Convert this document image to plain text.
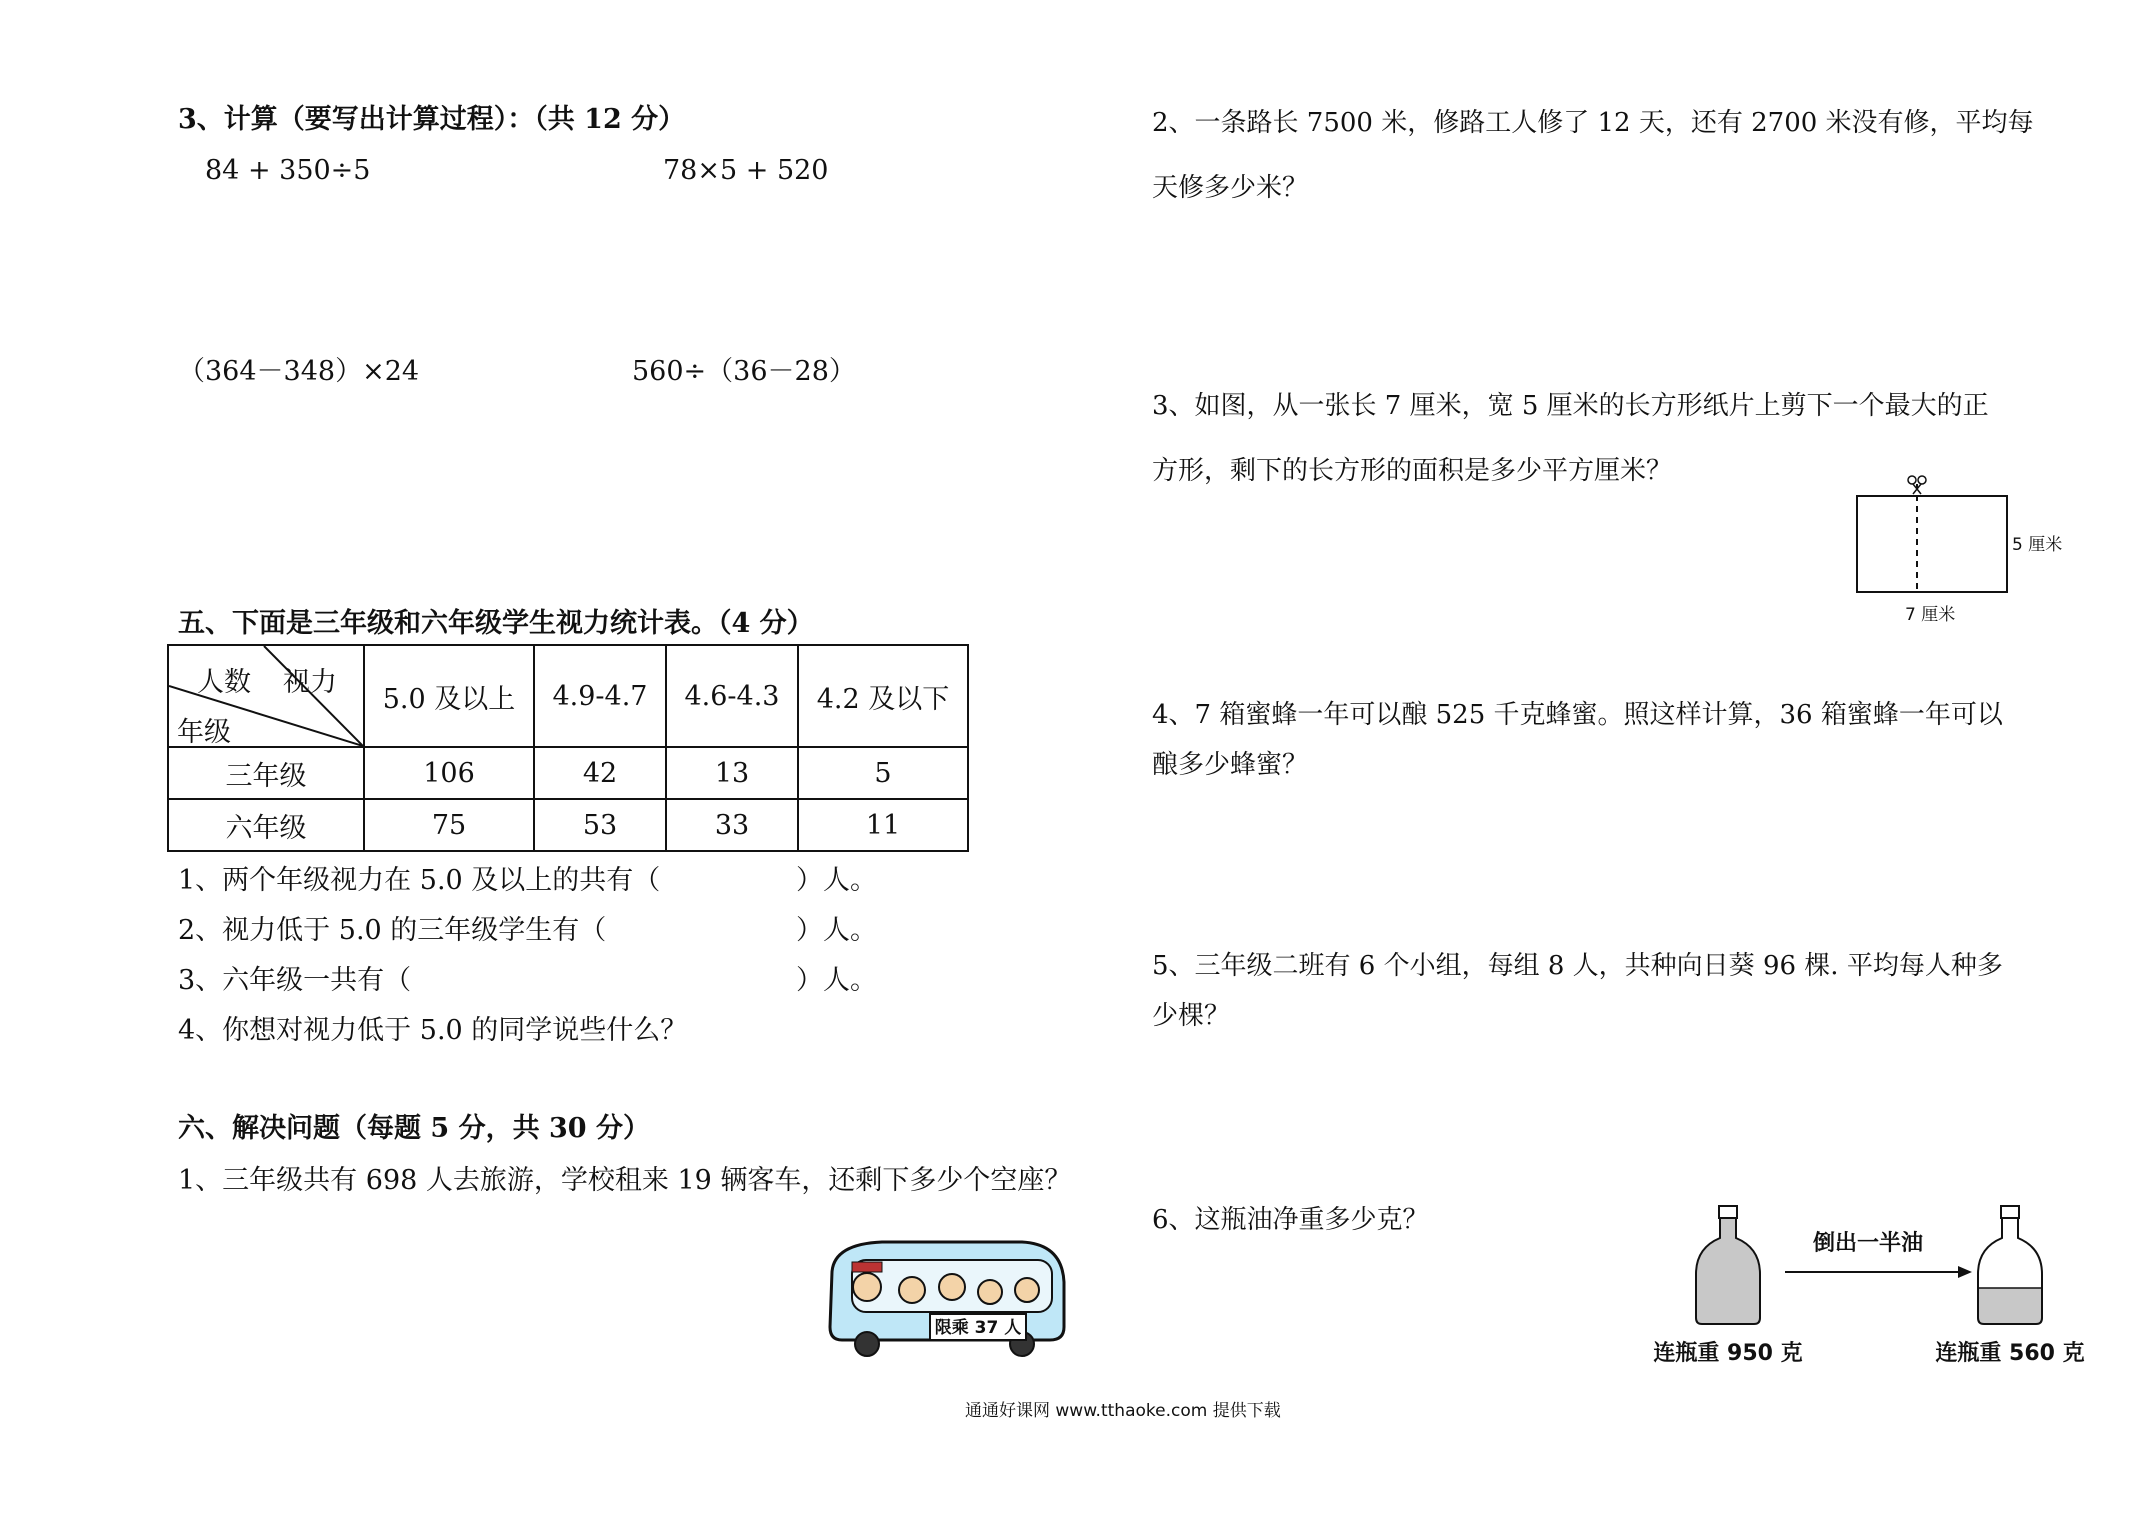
3、计算（要写出计算过程）：（共 12 分）
84 + 350÷5	78×5 + 520
（364－348）×24	560÷（36－28）
五、下面是三年级和六年级学生视力统计表。（4 分）
人数 视力
年级	5.0 及以上	4.9-4.7	4.6-4.3	4.2 及以下
三年级	106	42	13	5
六年级	75	53	33	11
1、两个年级视力在 5.0 及以上的共有（	）人。
2、视力低于 5.0 的三年级学生有（	）人。
3、六年级一共有（	）人。
4、你想对视力低于 5.0 的同学说些什么？
六、解决问题（每题 5 分，共 30 分）
1、三年级共有 698 人去旅游，学校租来 19 辆客车，还剩下多少个空座？
限乘 37 人
2、一条路长 7500 米，修路工人修了 12 天，还有 2700 米没有修，平均每
天修多少米？
3、如图，从一张长 7 厘米，宽 5 厘米的长方形纸片上剪下一个最大的正
方形，剩下的长方形的面积是多少平方厘米？
5 厘米
7 厘米
4、7 箱蜜蜂一年可以酿 525 千克蜂蜜。照这样计算，36 箱蜜蜂一年可以
酿多少蜂蜜？
5、三年级二班有 6 个小组，每组 8 人，共种向日葵 96 棵. 平均每人种多
少棵？
6、这瓶油净重多少克？
倒出一半油
连瓶重 950 克	连瓶重 560 克
通通好课网 www.tthaoke.com 提供下载
